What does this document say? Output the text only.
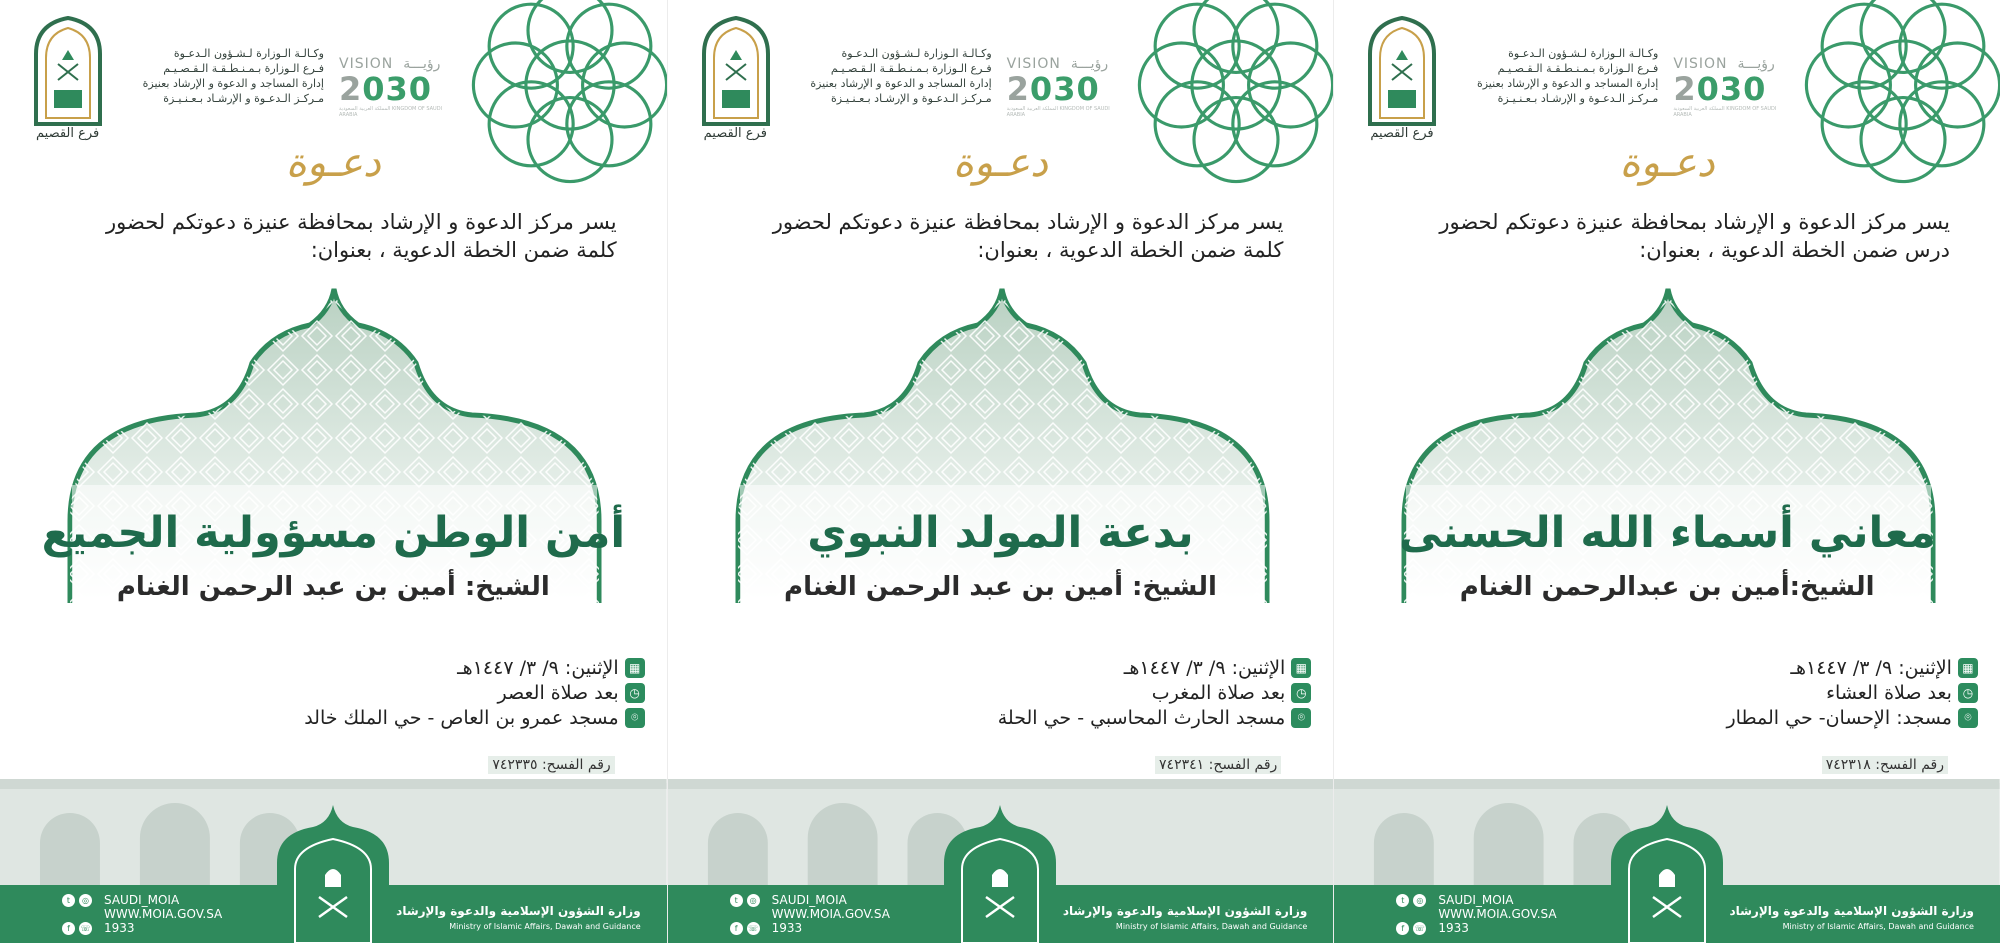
فرع القصيم
وكـالـة الـوزارة لـشـؤون الـدعـوة
فـرع الـوزارة بـمـنـطـقـة الـقـصـيـم
إدارة المساجد و الدعوة و الإرشاد بعنيزة
مـركـز الـدعـوة و الإرشـاد بـعـنـيـزة
VISION رؤيـــة
2030
المملكة العربية السعودية KINGDOM OF SAUDI ARABIA
دعـوة
يسر مركز الدعوة و الإرشاد بمحافظة عنيزة دعوتكم لحضور كلمة ضمن الخطة الدعوية ، بعنوان:
أمن الوطن مسؤولية الجميع
الشيخ: أمين بن عبد الرحمن الغنام
▦
الإثنين: ٩/ ٣/ ١٤٤٧هـ
◷
بعد صلاة العصر
⌾
مسجد عمرو بن العاص - حي الملك خالد
رقم الفسح: ٧٤٢٣٣٥
t	◎ SAUDI_MOIA
WWW.MOIA.GOV.SA
f	☏ 1933
وزارة الشؤون الإسلامية والدعوة والإرشاد
Ministry of Islamic Affairs, Dawah and Guidance
فرع القصيم
وكـالـة الـوزارة لـشـؤون الـدعـوة
فـرع الـوزارة بـمـنـطـقـة الـقـصـيـم
إدارة المساجد و الدعوة و الإرشاد بعنيزة
مـركـز الـدعـوة و الإرشـاد بـعـنـيـزة
VISION رؤيـــة
2030
المملكة العربية السعودية KINGDOM OF SAUDI ARABIA
دعـوة
يسر مركز الدعوة و الإرشاد بمحافظة عنيزة دعوتكم لحضور كلمة ضمن الخطة الدعوية ، بعنوان:
بدعة المولد النبوي
الشيخ: أمين بن عبد الرحمن الغنام
▦
الإثنين: ٩/ ٣/ ١٤٤٧هـ
◷
بعد صلاة المغرب
⌾
مسجد الحارث المحاسبي - حي الحلة
رقم الفسح: ٧٤٢٣٤١
t	◎ SAUDI_MOIA
WWW.MOIA.GOV.SA
f	☏ 1933
وزارة الشؤون الإسلامية والدعوة والإرشاد
Ministry of Islamic Affairs, Dawah and Guidance
فرع القصيم
وكـالـة الـوزارة لـشـؤون الـدعـوة
فـرع الـوزارة بـمـنـطـقـة الـقـصـيـم
إدارة المساجد و الدعوة و الإرشاد بعنيزة
مـركـز الـدعـوة و الإرشـاد بـعـنـيـزة
VISION رؤيـــة
2030
المملكة العربية السعودية KINGDOM OF SAUDI ARABIA
دعـوة
يسر مركز الدعوة و الإرشاد بمحافظة عنيزة دعوتكم لحضور درس ضمن الخطة الدعوية ، بعنوان:
معاني أسماء الله الحسنى
الشيخ:أمين بن عبدالرحمن الغنام
▦
الإثنين: ٩/ ٣/ ١٤٤٧هـ
◷
بعد صلاة العشاء
⌾
مسجد: الإحسان- حي المطار
رقم الفسح: ٧٤٢٣١٨
t	◎ SAUDI_MOIA
WWW.MOIA.GOV.SA
f	☏ 1933
وزارة الشؤون الإسلامية والدعوة والإرشاد
Ministry of Islamic Affairs, Dawah and Guidance
